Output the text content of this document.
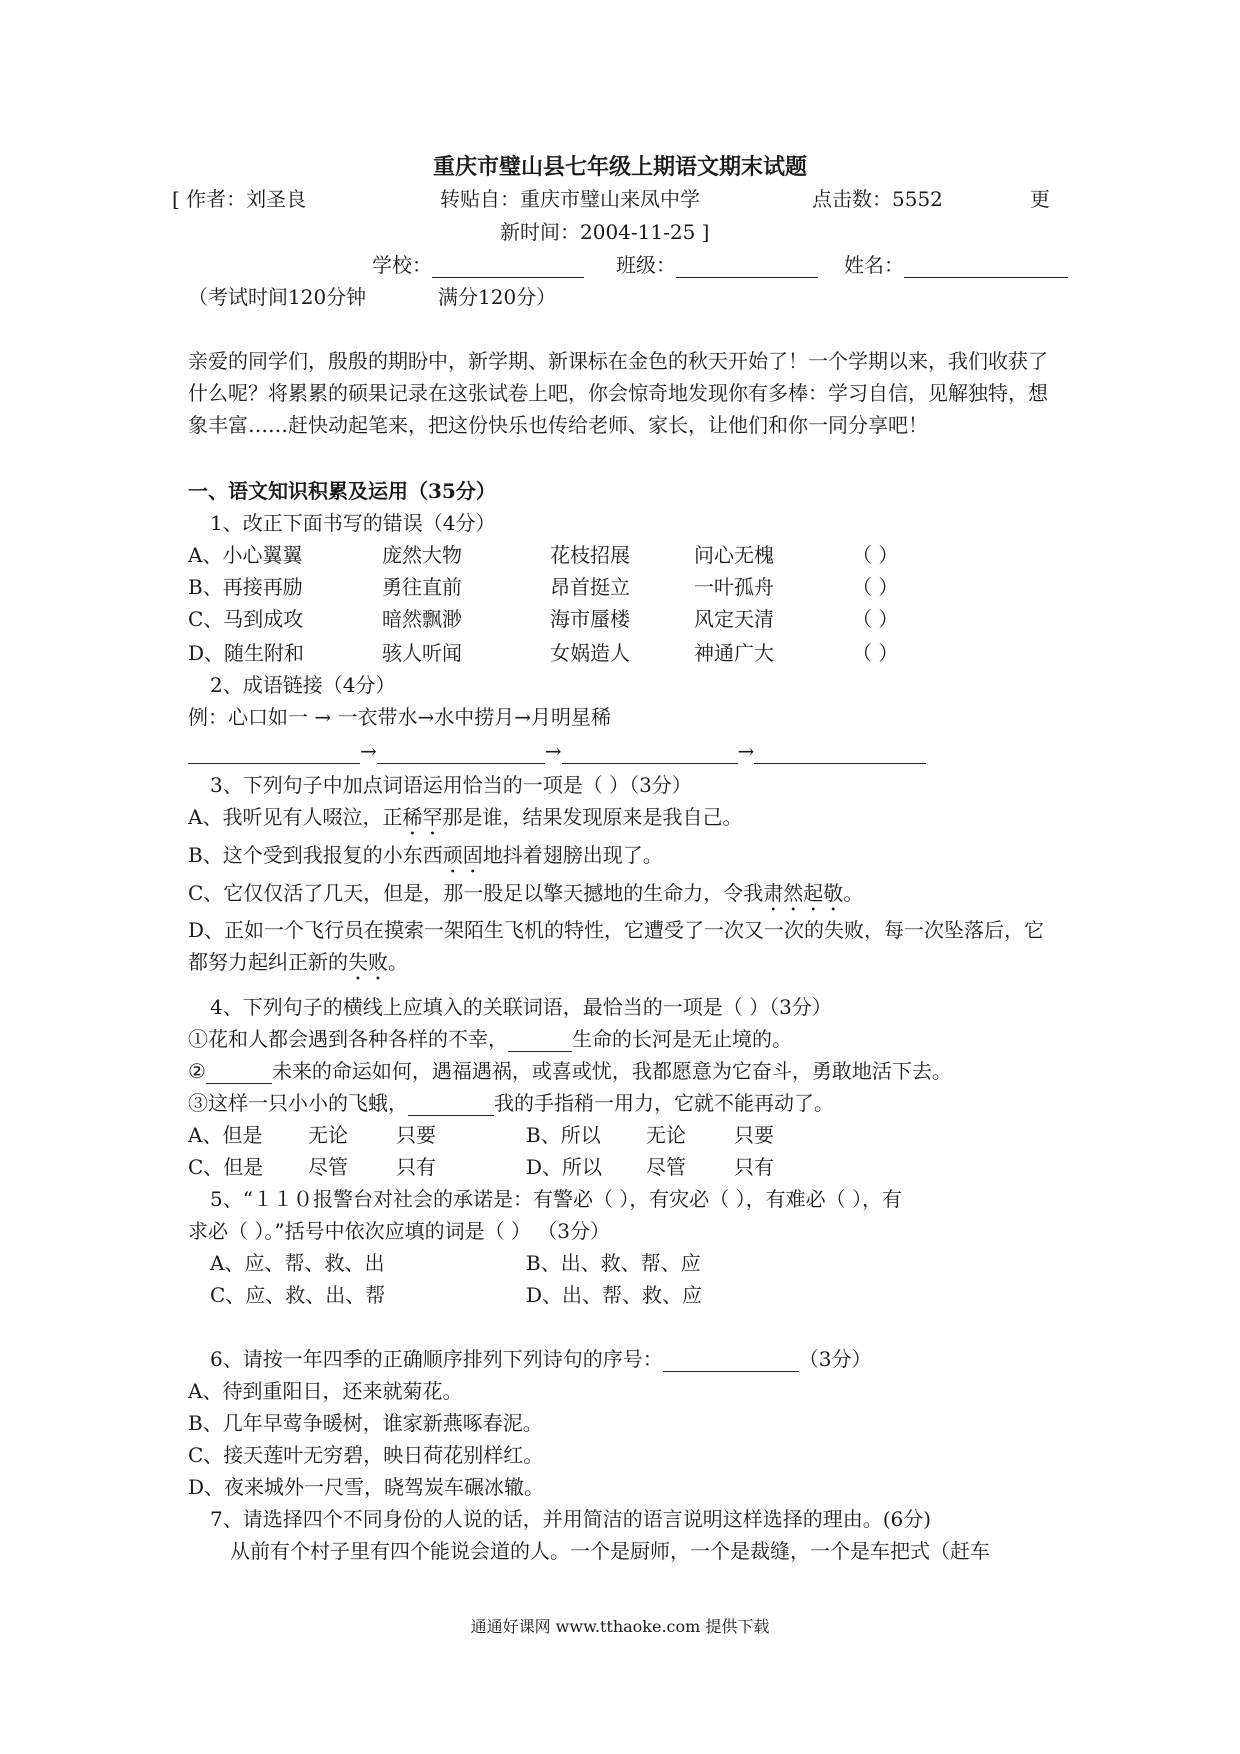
重庆市璧山县七年级上期语文期末试题
[ 作者：刘圣良	转贴自：重庆市璧山来凤中学	点击数：5552	更
新时间：2004-11-25 ]
学校：	班级：	姓名：
（考试时间120分钟	满分120分）
亲爱的同学们，殷殷的期盼中，新学期、新课标在金色的秋天开始了！一个学期以来，我们收获了什么呢？将累累的硕果记录在这张试卷上吧，你会惊奇地发现你有多棒：学习自信，见解独特，想象丰富……赶快动起笔来，把这份快乐也传给老师、家长，让他们和你一同分享吧！
一、语文知识积累及运用（35分）
1、改正下面书写的错误（4分）
A、小心翼翼	庞然大物	花枝招展	问心无槐	（ ）
B、再接再励	勇往直前	昂首挺立	一叶孤舟	（ ）
C、马到成攻	暗然飘渺	海市蜃楼	风定天清	（ ）
D、随生附和	骇人听闻	女娲造人	神通广大	（ ）
2、成语链接（4分）
例：心口如一 → 一衣带水→水中捞月→月明星稀
→	→	→
3、下列句子中加点词语运用恰当的一项是（ ）（3分）
A、我听见有人啜泣，正稀罕那是谁，结果发现原来是我自己。
B、这个受到我报复的小东西顽固地抖着翅膀出现了。
C、它仅仅活了几天，但是，那一股足以擎天撼地的生命力，令我肃然起敬。
D、正如一个飞行员在摸索一架陌生飞机的特性，它遭受了一次又一次的失败，每一次坠落后，它都努力起纠正新的失败。
4、下列句子的横线上应填入的关联词语，最恰当的一项是（ ）（3分）
①花和人都会遇到各种各样的不幸，	生命的长河是无止境的。
②	未来的命运如何，遇福遇祸，或喜或忧，我都愿意为它奋斗，勇敢地活下去。
③这样一只小小的飞蛾，	我的手指稍一用力，它就不能再动了。
A、但是 无论 只要	B、所以 无论 只要
C、但是 尽管 只有	D、所以 尽管 只有
5、“１１０报警台对社会的承诺是：有警必（ ），有灾必（ ），有难必（ ），有
求必（ ）。”括号中依次应填的词是（ ） （3分）
A、应、帮、救、出	B、出、救、帮、应
C、应、救、出、帮	D、出、帮、救、应
6、请按一年四季的正确顺序排列下列诗句的序号：	（3分）
A、待到重阳日，还来就菊花。
B、几年早莺争暖树，谁家新燕啄春泥。
C、接天莲叶无穷碧，映日荷花别样红。
D、夜来城外一尺雪，晓驾炭车碾冰辙。
7、请选择四个不同身份的人说的话，并用简洁的语言说明这样选择的理由。(6分)
从前有个村子里有四个能说会道的人。一个是厨师，一个是裁缝，一个是车把式（赶车
通通好课网 www.tthaoke.com 提供下载
